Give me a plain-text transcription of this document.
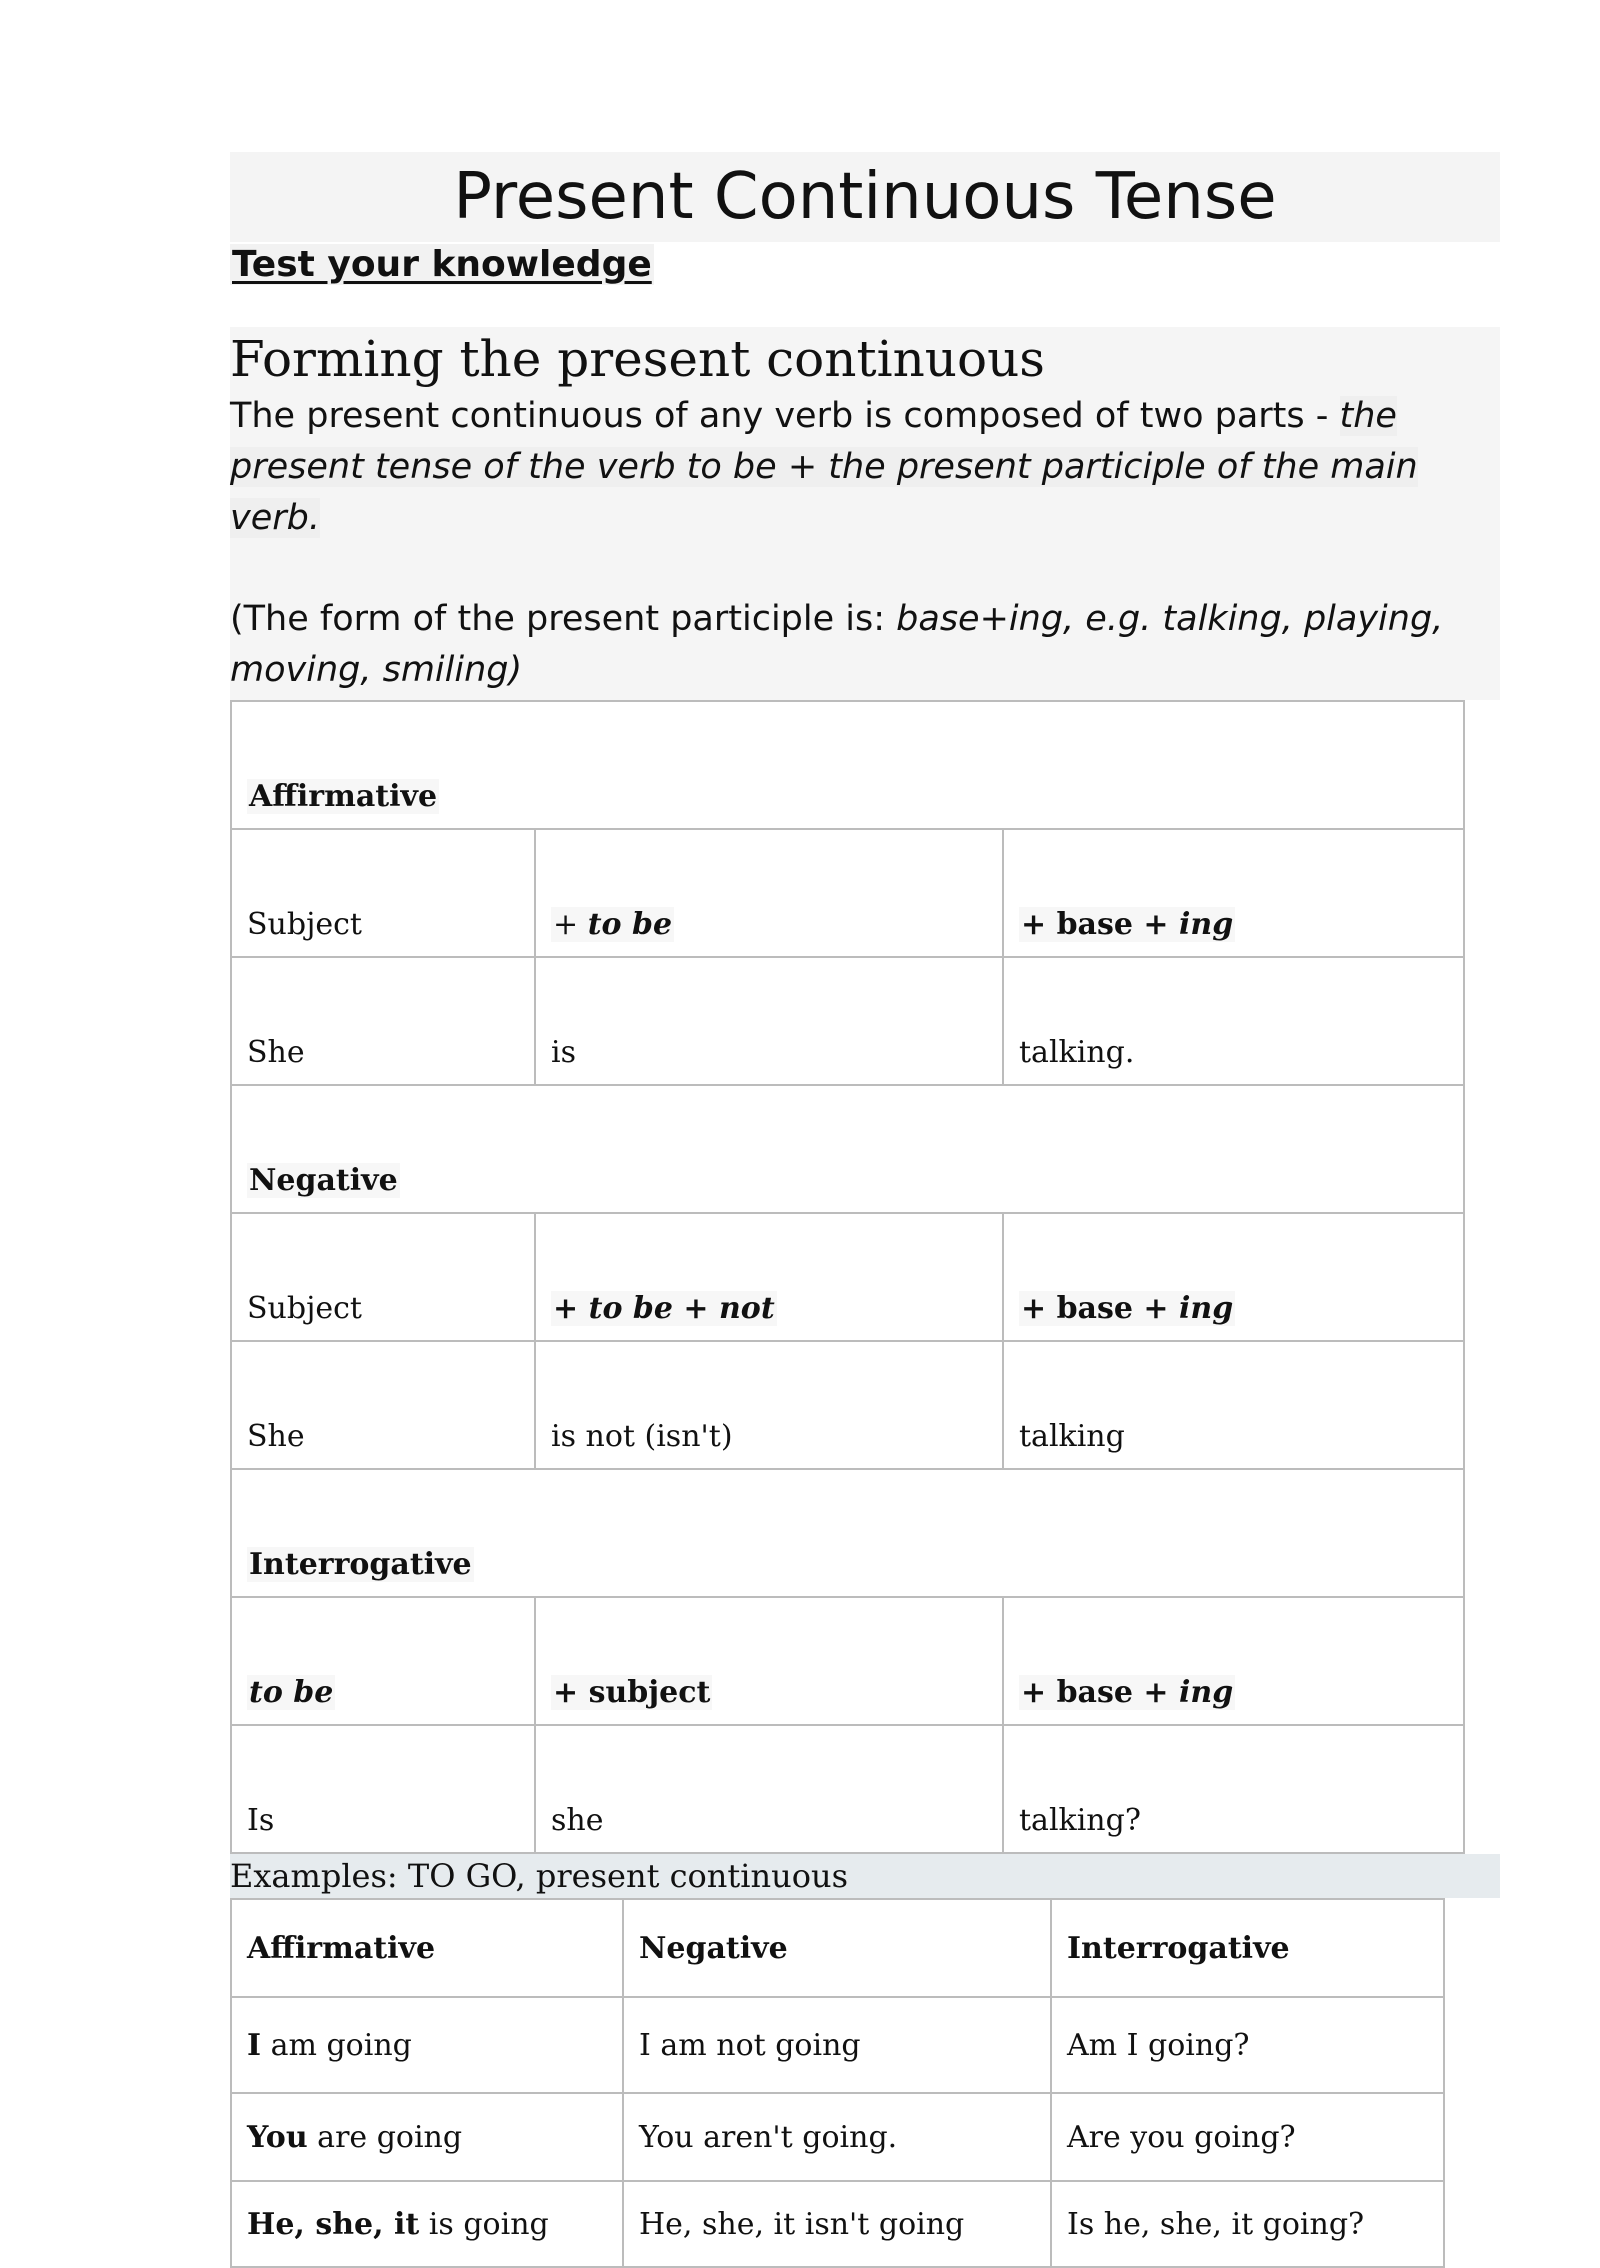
Present Continuous Tense
Test your knowledge
Forming the present continuous

The present continuous of any verb is composed of two parts - the present tense of the verb to be + the present participle of the main verb.

(The form of the present participle is: base+ing, e.g. talking, playing, moving, smiling)

Affirmative		
Subject	+ to be	+ base + ing
She	is	talking.
Negative		
Subject	+ to be + not	+ base + ing
She	is not (isn't)	talking
Interrogative		
to be	+ subject	+ base + ing
Is	she	talking?
Examples: TO GO, present continuous
Affirmative	Negative	Interrogative
I am going	I am not going	Am I going?
You are going	You aren't going.	Are you going?
He, she, it is going	He, she, it isn't going	Is he, she, it going?
